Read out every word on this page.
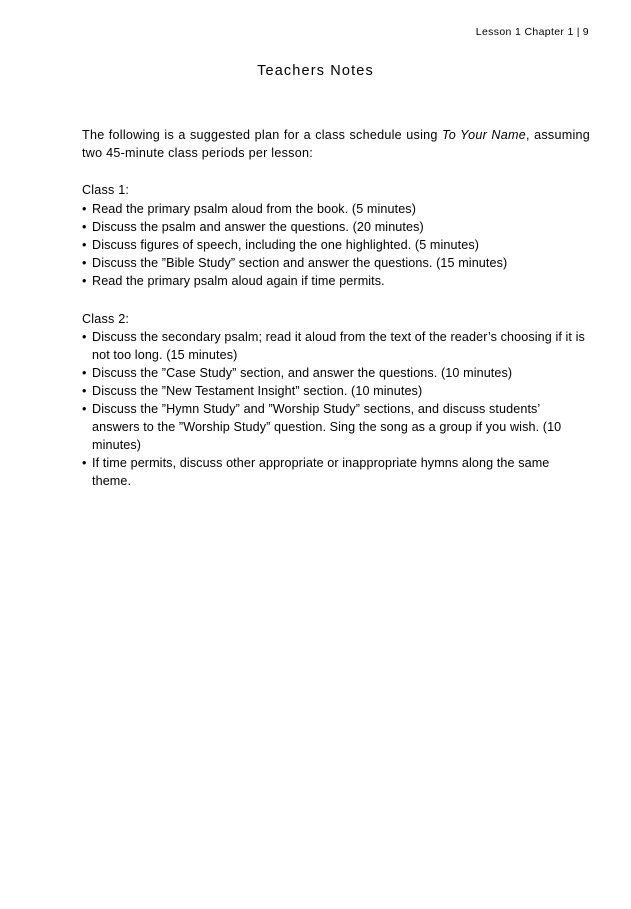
Lesson 1 Chapter 1 | 9
Teachers Notes

The following is a suggested plan for a class schedule using To Your Name, assuming two 45-minute class periods per lesson:

Class 1:

• Read the primary psalm aloud from the book. (5 minutes)
• Discuss the psalm and answer the questions. (20 minutes)
• Discuss figures of speech, including the one highlighted. (5 minutes)
• Discuss the ”Bible Study” section and answer the questions. (15 minutes)
• Read the primary psalm aloud again if time permits.

Class 2:

• Discuss the secondary psalm; read it aloud from the text of the reader’s choosing if it is not too long. (15 minutes)
• Discuss the ”Case Study” section, and answer the questions. (10 minutes)
• Discuss the ”New Testament Insight” section. (10 minutes)
• Discuss the ”Hymn Study” and ”Worship Study” sections, and discuss students’ answers to the ”Worship Study” question. Sing the song as a group if you wish. (10 minutes)
• If time permits, discuss other appropriate or inappropriate hymns along the same theme.
